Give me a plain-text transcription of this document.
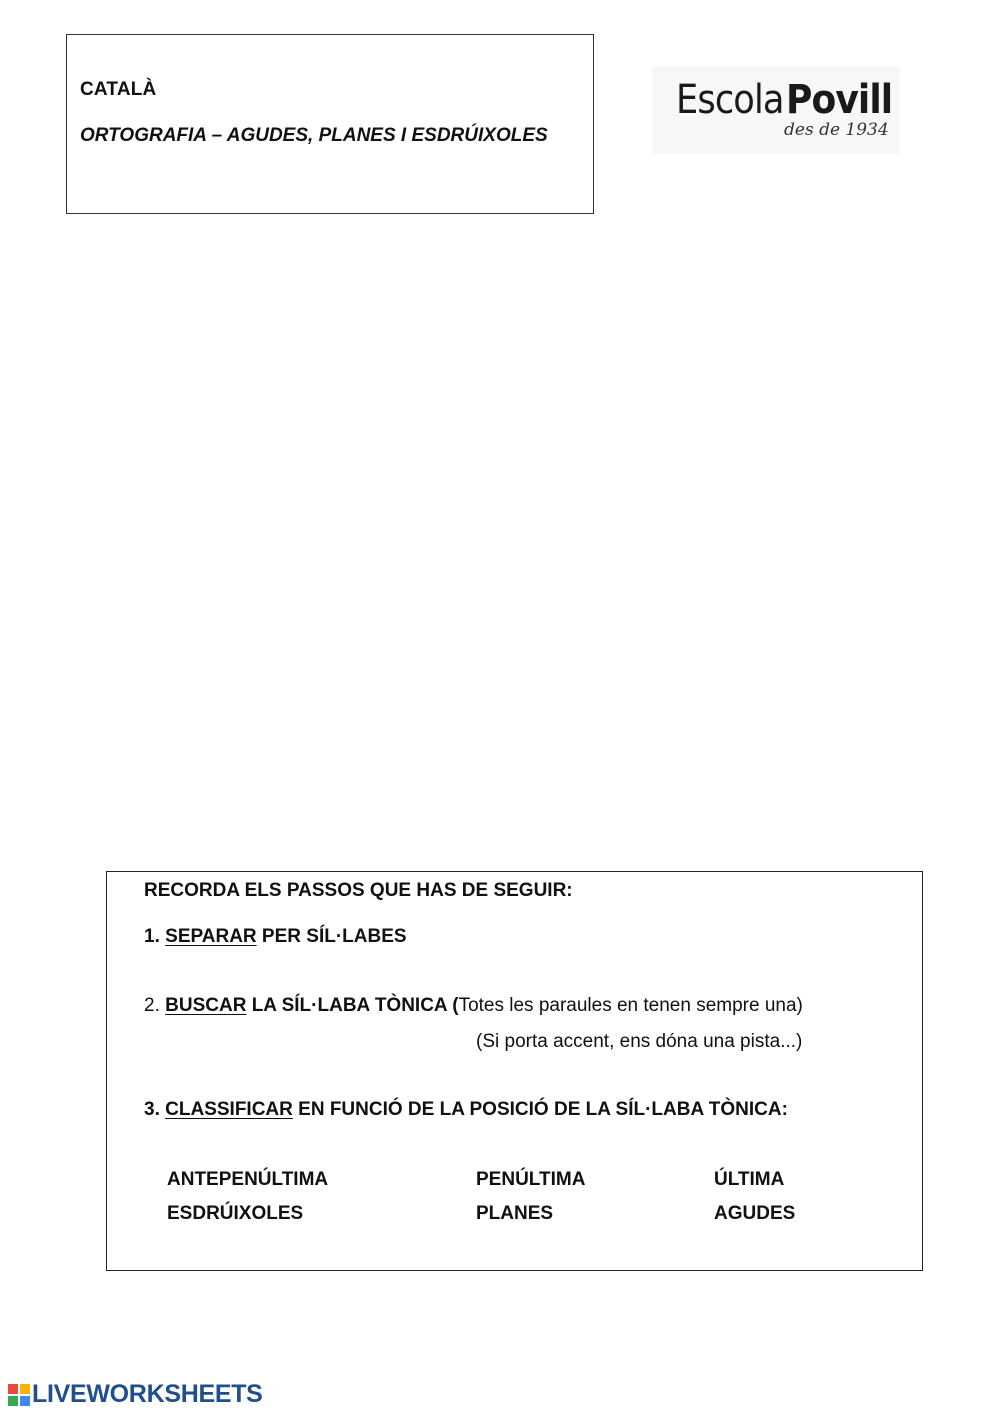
CATALÀ
ORTOGRAFIA – AGUDES, PLANES I ESDRÚIXOLES
EscolaPovill
des de 1934
RECORDA ELS PASSOS QUE HAS DE SEGUIR:
1. SEPARAR PER SÍL·LABES
2. BUSCAR LA SÍL·LABA TÒNICA (Totes les paraules en tenen sempre una)
(Si porta accent, ens dóna una pista...)
3. CLASSIFICAR EN FUNCIÓ DE LA POSICIÓ DE LA SÍL·LABA TÒNICA:
ANTEPENÚLTIMA	PENÚLTIMA	ÚLTIMA
ESDRÚIXOLES	PLANES	AGUDES
LIVEWORKSHEETS
